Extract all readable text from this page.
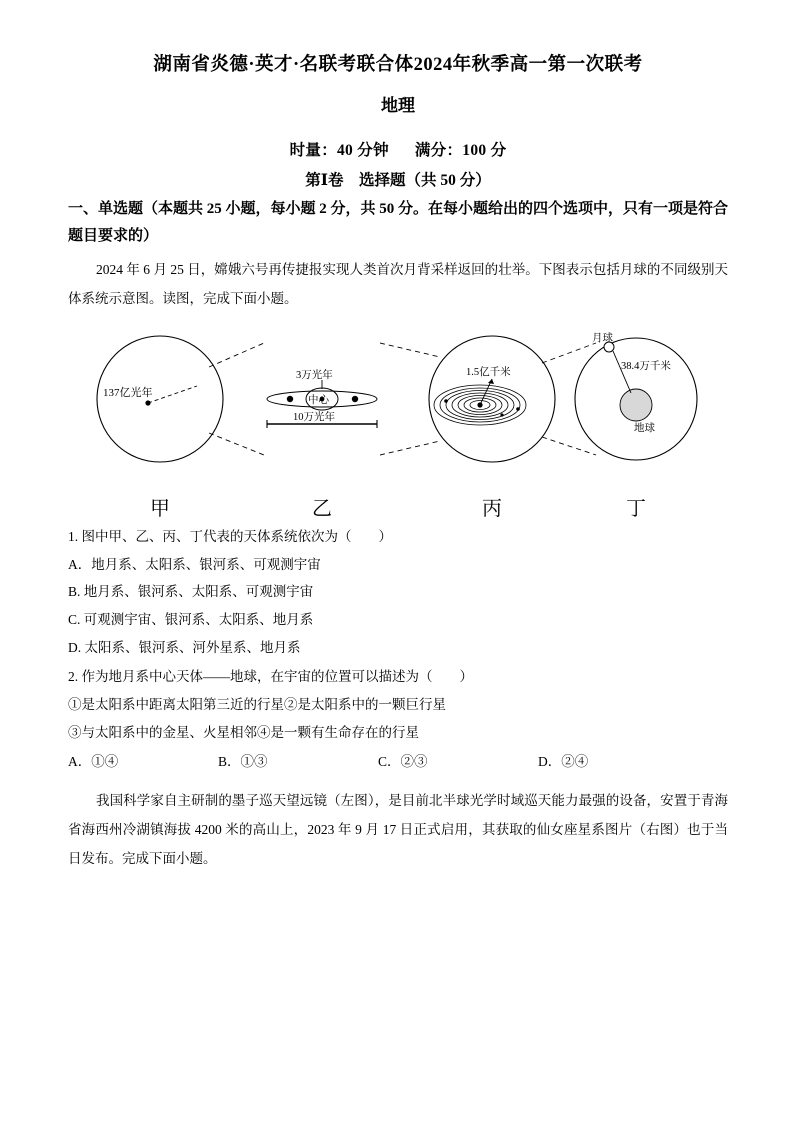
湖南省炎德·英才·名联考联合体2024年秋季高一第一次联考
地理
时量：40 分钟 满分：100 分
第Ⅰ卷　选择题（共 50 分）
一、单选题（本题共 25 小题，每小题 2 分，共 50 分。在每小题给出的四个选项中，只有一项是符合题目要求的）
2024 年 6 月 25 日，嫦娥六号再传捷报实现人类首次月背采样返回的壮举。下图表示包括月球的不同级别天体系统示意图。读图，完成下面小题。
137亿光年
3万光年
中心
10万光年
1.5亿千米
月球
38.4万千米
地球
甲	乙	丙	丁
1. 图中甲、乙、丙、丁代表的天体系统依次为（　　）
A．地月系、太阳系、银河系、可观测宇宙
B. 地月系、银河系、太阳系、可观测宇宙
C. 可观测宇宙、银河系、太阳系、地月系
D. 太阳系、银河系、河外星系、地月系
2. 作为地月系中心天体——地球，在宇宙的位置可以描述为（　　）
①是太阳系中距离太阳第三近的行星②是太阳系中的一颗巨行星
③与太阳系中的金星、火星相邻④是一颗有生命存在的行星
A．①④	B．①③	C．②③	D．②④
我国科学家自主研制的墨子巡天望远镜（左图），是目前北半球光学时域巡天能力最强的设备，安置于青海省海西州冷湖镇海拔 4200 米的高山上，2023 年 9 月 17 日正式启用，其获取的仙女座星系图片（右图）也于当日发布。完成下面小题。
